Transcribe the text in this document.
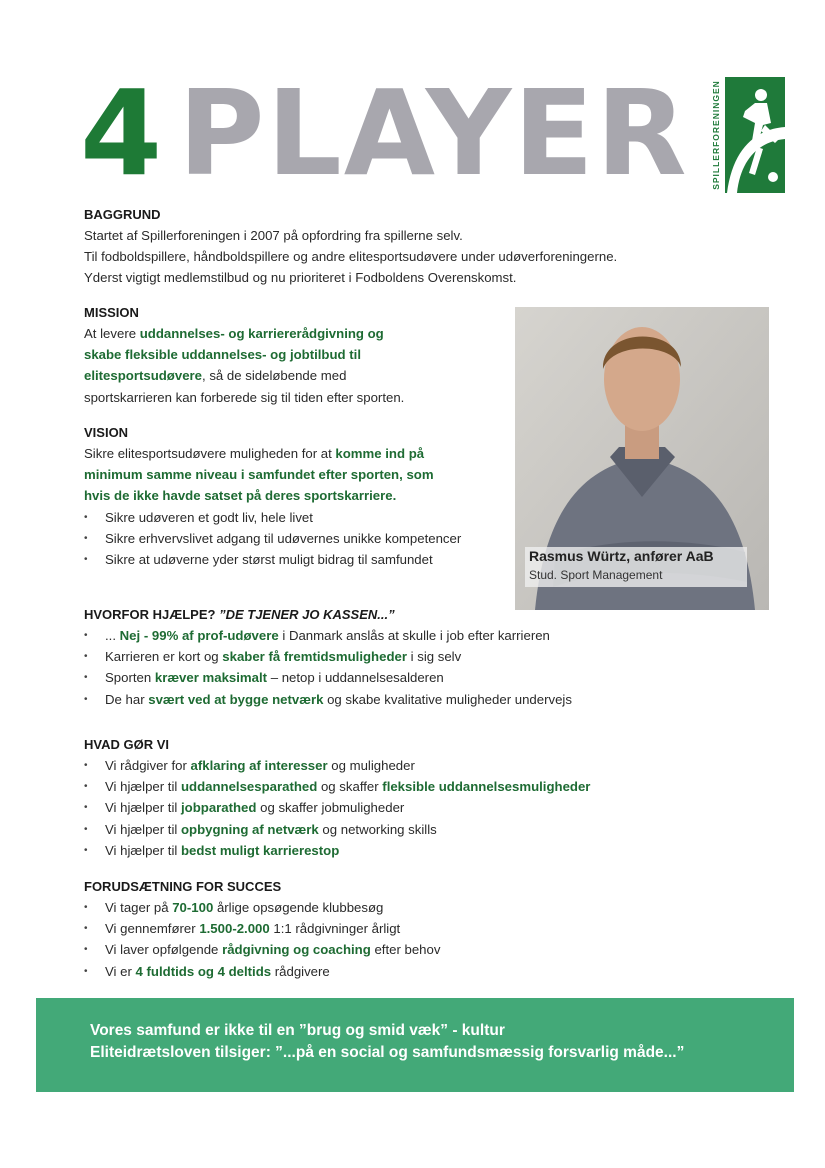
4 PLAYER	SPILLERFORENINGEN
Rasmus Würtz, anfører AaB
Stud. Sport Management
BAGGRUND
Startet af Spillerforeningen i 2007 på opfordring fra spillerne selv.
Til fodboldspillere, håndboldspillere og andre elitesportsudøvere under udøverforeningerne.
Yderst vigtigt medlemstilbud og nu prioriteret i Fodboldens Overenskomst.
MISSION
At levere uddannelses- og karriererådgivning og skabe fleksible uddannelses- og jobtilbud til elitesportsudøvere, så de sideløbende med sportskarrieren kan forberede sig til tiden efter sporten.
VISION
Sikre elitesportsudøvere muligheden for at komme ind på minimum samme niveau i samfundet efter sporten, som hvis de ikke havde satset på deres sportskarriere.
• Sikre udøveren et godt liv, hele livet
• Sikre erhvervslivet adgang til udøvernes unikke kompetencer
• Sikre at udøverne yder størst muligt bidrag til samfundet
HVORFOR HJÆLPE? ”DE TJENER JO KASSEN...”
• ... Nej - 99% af prof-udøvere i Danmark anslås at skulle i job efter karrieren
• Karrieren er kort og skaber få fremtidsmuligheder i sig selv
• Sporten kræver maksimalt – netop i uddannelsesalderen
• De har svært ved at bygge netværk og skabe kvalitative muligheder undervejs
HVAD GØR VI
• Vi rådgiver for afklaring af interesser og muligheder
• Vi hjælper til uddannelsesparathed og skaffer fleksible uddannelsesmuligheder
• Vi hjælper til jobparathed og skaffer jobmuligheder
• Vi hjælper til opbygning af netværk og networking skills
• Vi hjælper til bedst muligt karrierestop
FORUDSÆTNING FOR SUCCES
• Vi tager på 70-100 årlige opsøgende klubbesøg
• Vi gennemfører 1.500-2.000 1:1 rådgivninger årligt
• Vi laver opfølgende rådgivning og coaching efter behov
• Vi er 4 fuldtids og 4 deltids rådgivere
Vores samfund er ikke til en ”brug og smid væk” - kultur
Eliteidrætsloven tilsiger: ”...på en social og samfundsmæssig forsvarlig måde...”
